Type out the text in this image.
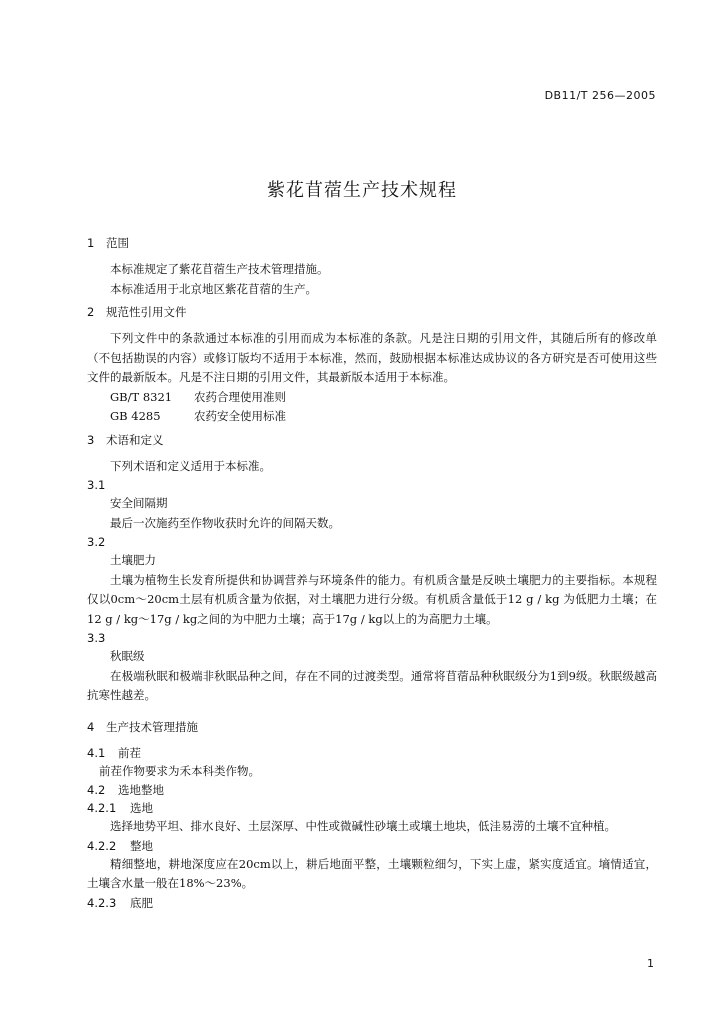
DB11/T 256—2005
紫花苜蓿生产技术规程
1 范围

本标准规定了紫花苜蓿生产技术管理措施。

本标准适用于北京地区紫花苜蓿的生产。

2 规范性引用文件

下列文件中的条款通过本标准的引用而成为本标准的条款。凡是注日期的引用文件，其随后所有的修改单（不包括勘误的内容）或修订版均不适用于本标准，然而，鼓励根据本标准达成协议的各方研究是否可使用这些文件的最新版本。凡是不注日期的引用文件，其最新版本适用于本标准。

GB/T 8321 农药合理使用准则
GB 4285	农药安全使用标准
3 术语和定义

下列术语和定义适用于本标准。

3.1
安全间隔期

最后一次施药至作物收获时允许的间隔天数。

3.2
土壤肥力

土壤为植物生长发育所提供和协调营养与环境条件的能力。有机质含量是反映土壤肥力的主要指标。本规程仅以0cm～20cm土层有机质含量为依据，对土壤肥力进行分级。有机质含量低于12 g / kg 为低肥力土壤；在12 g / kg～17g / kg之间的为中肥力土壤；高于17g / kg以上的为高肥力土壤。

3.3
秋眠级

在极端秋眠和极端非秋眠品种之间，存在不同的过渡类型。通常将苜蓿品种秋眠级分为1到9级。秋眠级越高抗寒性越差。

4 生产技术管理措施
4.1 前茬

前茬作物要求为禾本科类作物。

4.2 选地整地
4.2.1 选地

选择地势平坦、排水良好、土层深厚、中性或微碱性砂壤土或壤土地块，低洼易涝的土壤不宜种植。

4.2.2 整地

精细整地，耕地深度应在20cm以上，耕后地面平整，土壤颗粒细匀，下实上虚，紧实度适宜。墒情适宜，土壤含水量一般在18%～23%。

4.2.3 底肥
1
